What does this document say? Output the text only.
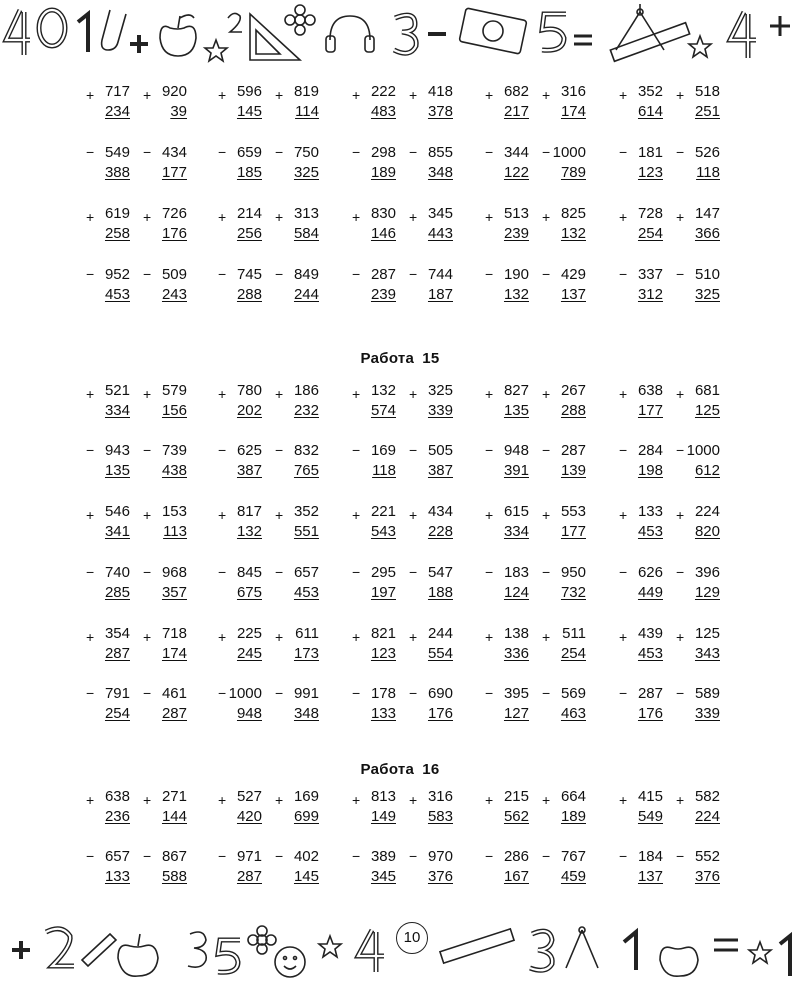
+ 717
234
+ 920
39
+ 596
145
+ 819
114
+ 222
483
+ 418
378
+ 682
217
+ 316
174
+ 352
614
+ 518
251
− 549
388
− 434
177
− 659
185
− 750
325
− 298
189
− 855
348
− 344
122
− 1000
789
− 181
123
− 526
118
+ 619
258
+ 726
176
+ 214
256
+ 313
584
+ 830
146
+ 345
443
+ 513
239
+ 825
132
+ 728
254
+ 147
366
− 952
453
− 509
243
− 745
288
− 849
244
− 287
239
− 744
187
− 190
132
− 429
137
− 337
312
− 510
325
Работа 15
+ 521
334
+ 579
156
+ 780
202
+ 186
232
+ 132
574
+ 325
339
+ 827
135
+ 267
288
+ 638
177
+ 681
125
− 943
135
− 739
438
− 625
387
− 832
765
− 169
118
− 505
387
− 948
391
− 287
139
− 284
198
− 1000
612
+ 546
341
+ 153
113
+ 817
132
+ 352
551
+ 221
543
+ 434
228
+ 615
334
+ 553
177
+ 133
453
+ 224
820
− 740
285
− 968
357
− 845
675
− 657
453
− 295
197
− 547
188
− 183
124
− 950
732
− 626
449
− 396
129
+ 354
287
+ 718
174
+ 225
245
+ 611
173
+ 821
123
+ 244
554
+ 138
336
+ 511
254
+ 439
453
+ 125
343
− 791
254
− 461
287
− 1000
948
− 991
348
− 178
133
− 690
176
− 395
127
− 569
463
− 287
176
− 589
339
Работа 16
+ 638
236
+ 271
144
+ 527
420
+ 169
699
+ 813
149
+ 316
583
+ 215
562
+ 664
189
+ 415
549
+ 582
224
− 657
133
− 867
588
− 971
287
− 402
145
− 389
345
− 970
376
− 286
167
− 767
459
− 184
137
− 552
376
10
